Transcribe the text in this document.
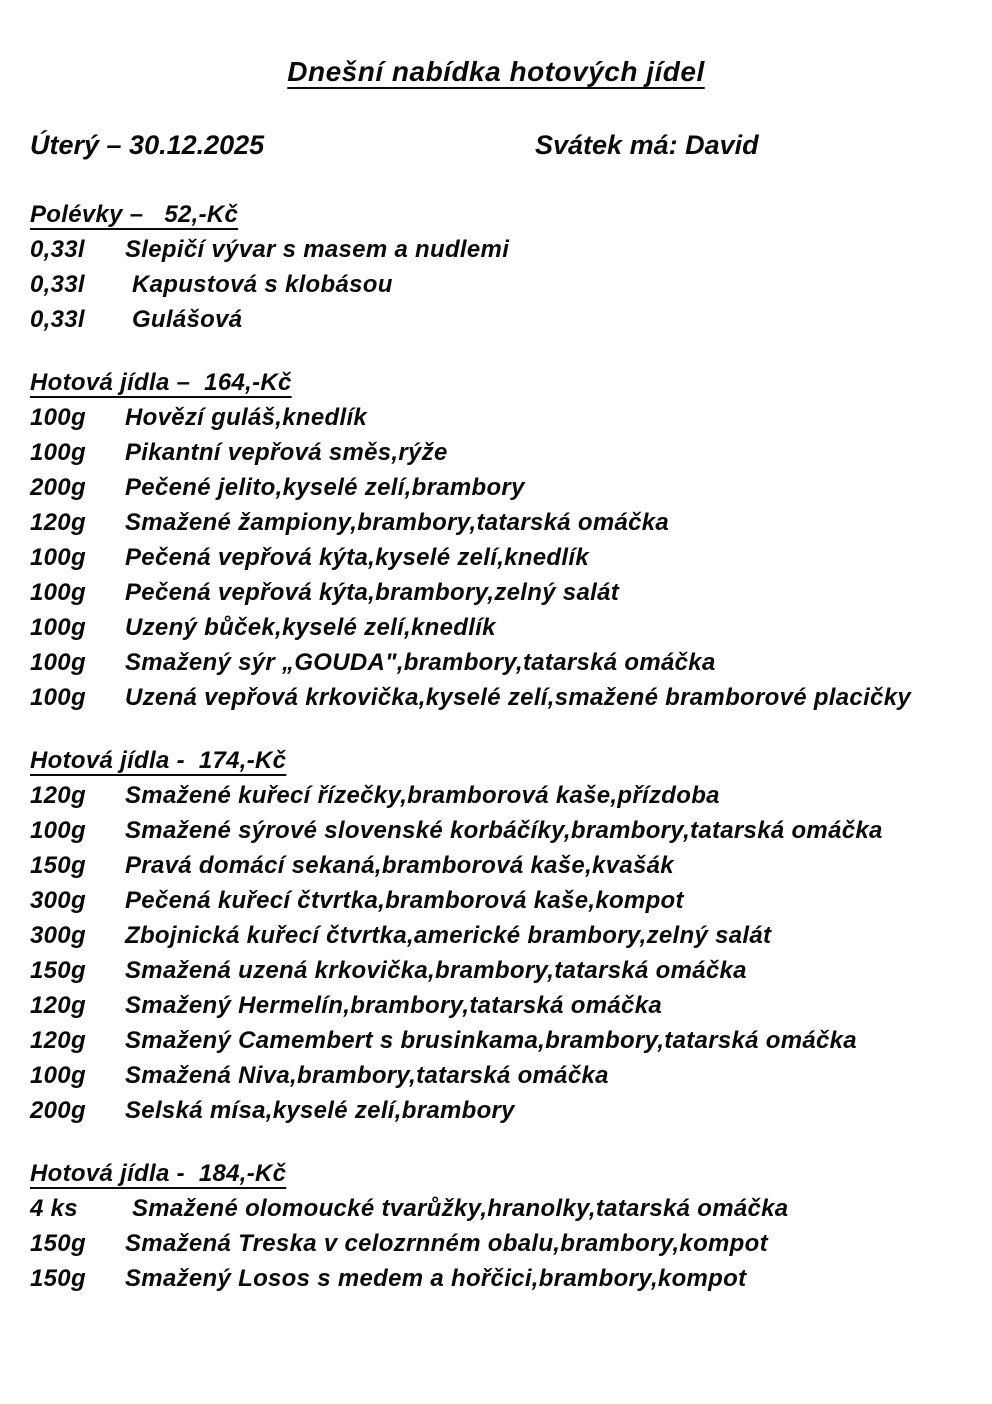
Dnešní nabídka hotových jídel
Úterý – 30.12.2025	Svátek má: David
Polévky –   52,-Kč
0,33l	Slepičí vývar s masem a nudlemi
0,33l	Kapustová s klobásou
0,33l	Gulášová
Hotová jídla –  164,-Kč
100g	Hovězí guláš,knedlík
100g	Pikantní vepřová směs,rýže
200g	Pečené jelito,kyselé zelí,brambory
120g	Smažené žampiony,brambory,tatarská omáčka
100g	Pečená vepřová kýta,kyselé zelí,knedlík
100g	Pečená vepřová kýta,brambory,zelný salát
100g	Uzený bůček,kyselé zelí,knedlík
100g	Smažený sýr „GOUDA",brambory,tatarská omáčka
100g	Uzená vepřová krkovička,kyselé zelí,smažené bramborové placičky
Hotová jídla -  174,-Kč
120g	Smažené kuřecí řízečky,bramborová kaše,přízdoba
100g	Smažené sýrové slovenské korbáčíky,brambory,tatarská omáčka
150g	Pravá domácí sekaná,bramborová kaše,kvašák
300g	Pečená kuřecí čtvrtka,bramborová kaše,kompot
300g	Zbojnická kuřecí čtvrtka,americké brambory,zelný salát
150g	Smažená uzená krkovička,brambory,tatarská omáčka
120g	Smažený Hermelín,brambory,tatarská omáčka
120g	Smažený Camembert s brusinkama,brambory,tatarská omáčka
100g	Smažená Niva,brambory,tatarská omáčka
200g	Selská mísa,kyselé zelí,brambory
Hotová jídla -  184,-Kč
4 ks	Smažené olomoucké tvarůžky,hranolky,tatarská omáčka
150g	Smažená Treska v celozrnném obalu,brambory,kompot
150g	Smažený Losos s medem a hořčici,brambory,kompot
